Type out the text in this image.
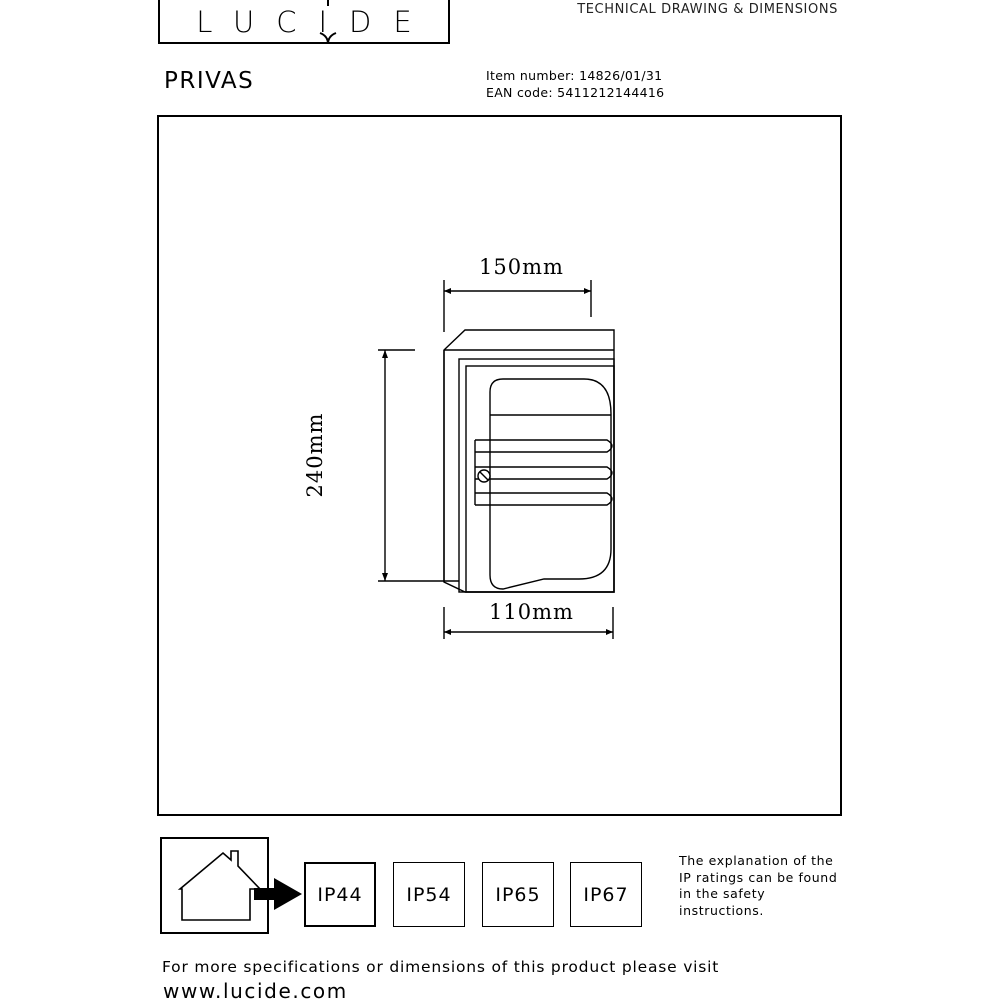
LUCIDE	TECHNICAL DRAWING & DIMENSIONS
PRIVAS	Item number: 14826/01/31
EAN code: 5411212144416
150mm
240mm
110mm
IP44	IP54	IP65	IP67
The explanation of the IP ratings can be found in the safety instructions.
For more specifications or dimensions of this product please visit
www.lucide.com
